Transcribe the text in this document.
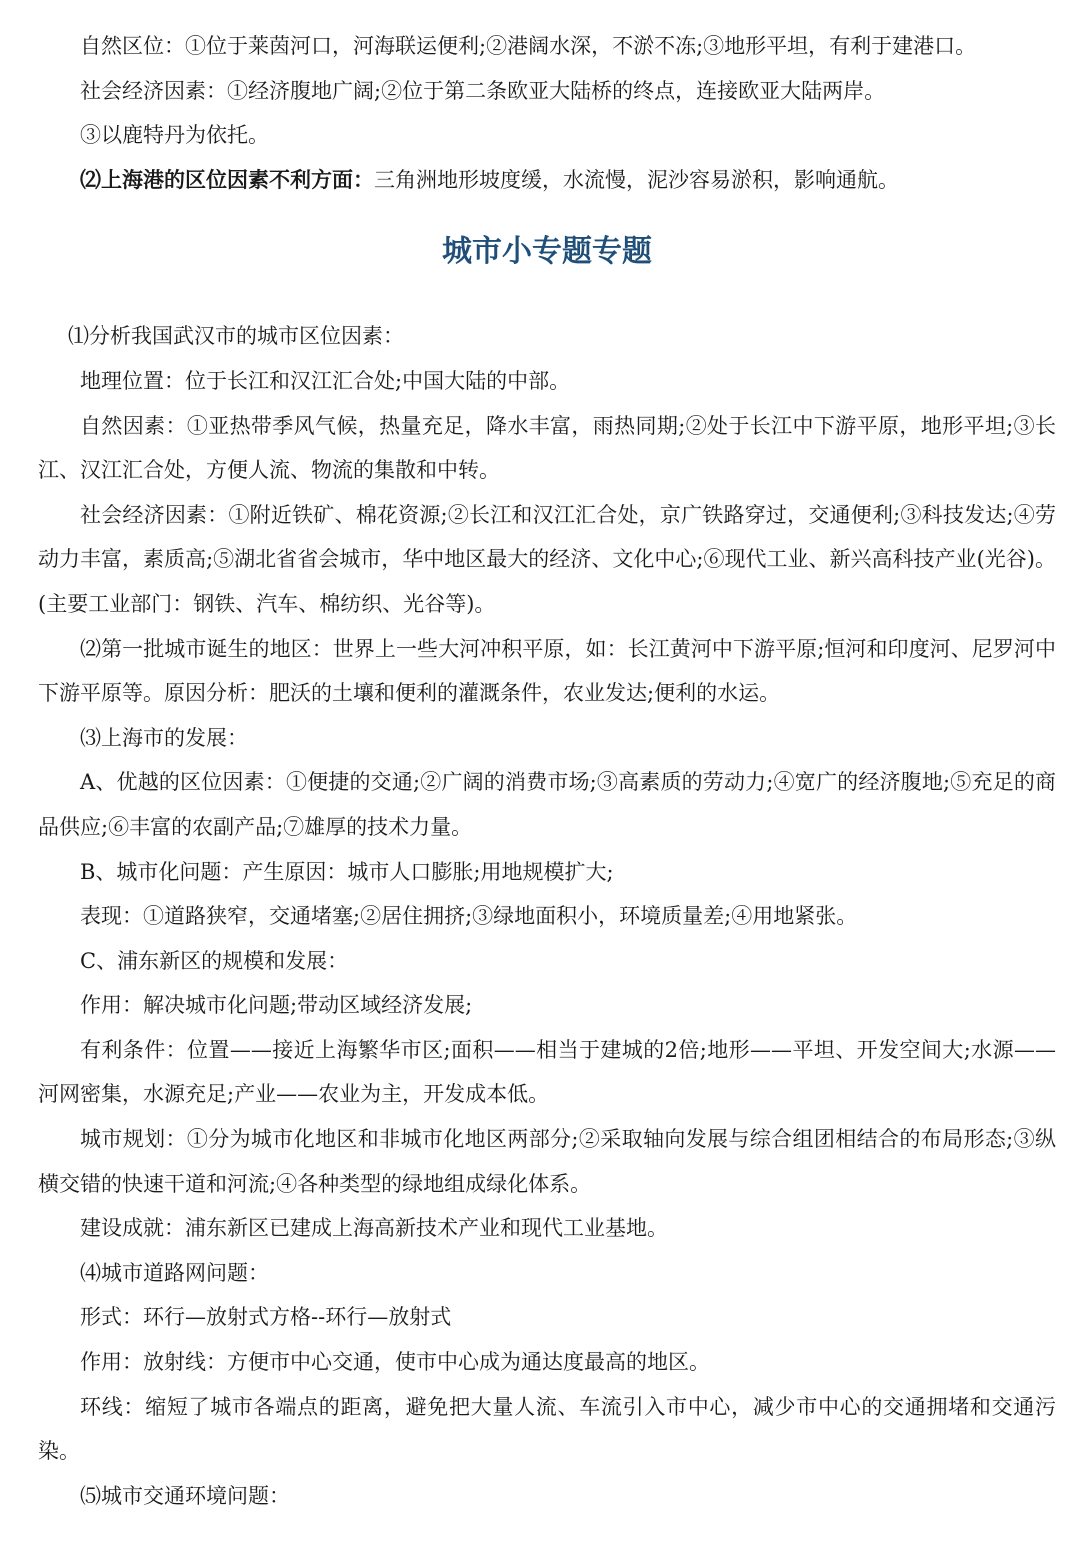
自然区位：①位于莱茵河口，河海联运便利;②港阔水深，不淤不冻;③地形平坦，有利于建港口。

社会经济因素：①经济腹地广阔;②位于第二条欧亚大陆桥的终点，连接欧亚大陆两岸。

③以鹿特丹为依托。

⑵上海港的区位因素不利方面：三角洲地形坡度缓，水流慢，泥沙容易淤积，影响通航。

城市小专题专题

⑴分析我国武汉市的城市区位因素：

地理位置：位于长江和汉江汇合处;中国大陆的中部。

自然因素：①亚热带季风气候，热量充足，降水丰富，雨热同期;②处于长江中下游平原，地形平坦;③长江、汉江汇合处，方便人流、物流的集散和中转。

社会经济因素：①附近铁矿、棉花资源;②长江和汉江汇合处，京广铁路穿过，交通便利;③科技发达;④劳动力丰富，素质高;⑤湖北省省会城市，华中地区最大的经济、文化中心;⑥现代工业、新兴高科技产业(光谷)。(主要工业部门：钢铁、汽车、棉纺织、光谷等)。

⑵第一批城市诞生的地区：世界上一些大河冲积平原，如：长江黄河中下游平原;恒河和印度河、尼罗河中下游平原等。原因分析：肥沃的土壤和便利的灌溉条件，农业发达;便利的水运。

⑶上海市的发展：

A、优越的区位因素：①便捷的交通;②广阔的消费市场;③高素质的劳动力;④宽广的经济腹地;⑤充足的商品供应;⑥丰富的农副产品;⑦雄厚的技术力量。

B、城市化问题：产生原因：城市人口膨胀;用地规模扩大;

表现：①道路狭窄，交通堵塞;②居住拥挤;③绿地面积小，环境质量差;④用地紧张。

C、浦东新区的规模和发展：

作用：解决城市化问题;带动区域经济发展;

有利条件：位置——接近上海繁华市区;面积——相当于建城的2倍;地形——平坦、开发空间大;水源——河网密集，水源充足;产业——农业为主，开发成本低。

城市规划：①分为城市化地区和非城市化地区两部分;②采取轴向发展与综合组团相结合的布局形态;③纵横交错的快速干道和河流;④各种类型的绿地组成绿化体系。

建设成就：浦东新区已建成上海高新技术产业和现代工业基地。

⑷城市道路网问题：

形式：环行—放射式方格--环行—放射式

作用：放射线：方便市中心交通，使市中心成为通达度最高的地区。

环线：缩短了城市各端点的距离，避免把大量人流、车流引入市中心，减少市中心的交通拥堵和交通污染。

⑸城市交通环境问题：
